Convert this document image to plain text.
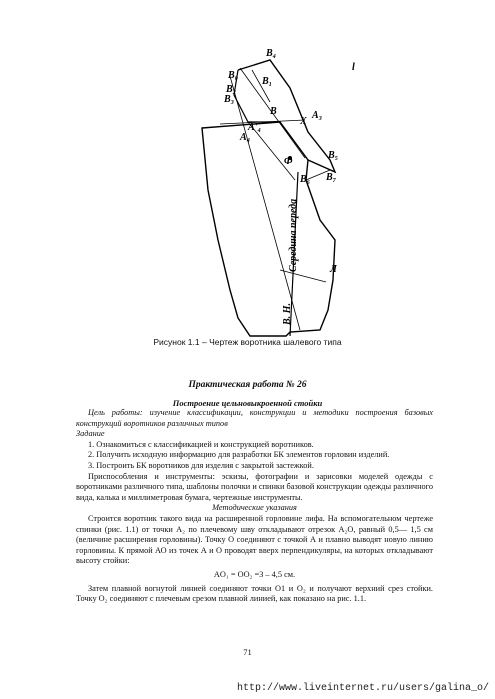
l
B₄
B₀
B₁
B₂
B₃
B	A₃
A'₄
A₄
X
B₅
B₆ B₇
Ф
Л
Середина переда
В. Н.
Рисунок 1.1 – Чертеж воротника шалевого типа
Практическая работа № 26
Построение цельновыкроенной стойки

Цель работы: изучение классификации, конструкции и методики построения базовых конструкций воротников различных типов

Задание

1. Ознакомиться с классификацией и конструкцией воротников.

2. Получить исходную информацию для разработки БК элементов горловин изделий.

3. Построить БК воротников для изделия с закрытой застежкой.

Приспособления и инструменты: эскизы, фотографии и зарисовки моделей одежды с воротниками различного типа, шаблоны полочки и спинки базовой конструкции одежды различного вида, калька и миллиметровая бумага, чертежные инструменты.

Методические указания

Строится воротник такого вида на расширенной горловине лифа. На вспомогательном чертеже спинки (рис. 1.1) от точки А₂ по плечевому шву откладывают отрезок А₂О, равный 0,5— 1,5 см (величине расширения горловины). Точку О соединяют с точкой А и плавно выводят новую линию горловины. К прямой АО из точек А и О проводят вверх перпендикуляры, на которых откладывают высоту стойки:

AO₁ = OO₂ =3 – 4,5 см.

Затем плавной вогнутой линией соединяют точки О1 и О₂ и получают верхний срез стойки. Точку О₂ соединяют с плечевым срезом плавной линией, как показано на рис. 1.1.

71
http://www.liveinternet.ru/users/galina_o/
